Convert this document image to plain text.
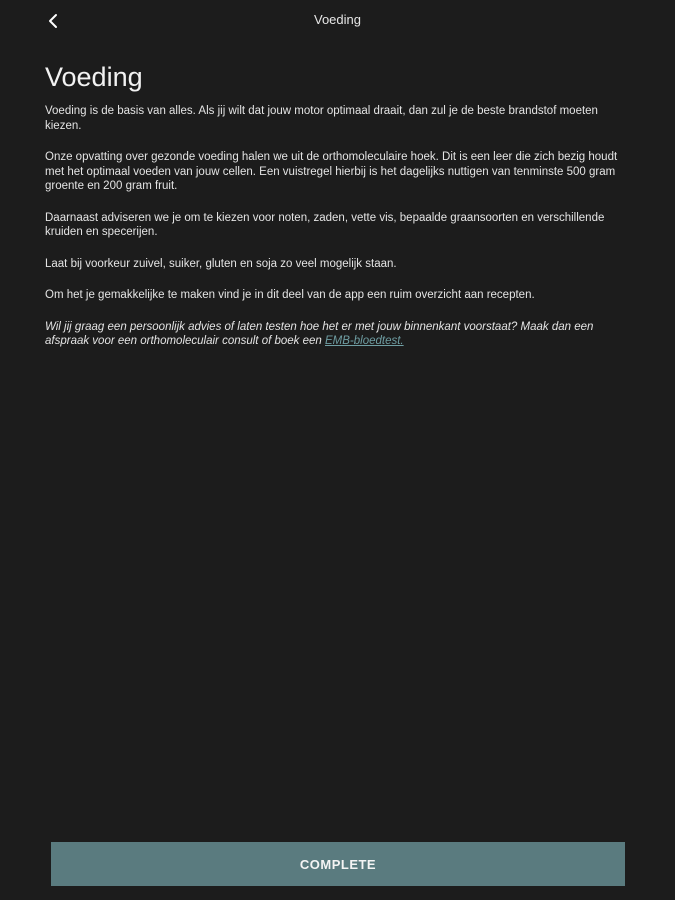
Voeding
Voeding

Voeding is de basis van alles. Als jij wilt dat jouw motor optimaal draait, dan zul je de beste brandstof moeten kiezen.

Onze opvatting over gezonde voeding halen we uit de orthomoleculaire hoek. Dit is een leer die zich bezig houdt met het optimaal voeden van jouw cellen. Een vuistregel hierbij is het dagelijks nuttigen van tenminste 500 gram groente en 200 gram fruit.

Daarnaast adviseren we je om te kiezen voor noten, zaden, vette vis, bepaalde graansoorten en verschillende kruiden en specerijen.

Laat bij voorkeur zuivel, suiker, gluten en soja zo veel mogelijk staan.

Om het je gemakkelijke te maken vind je in dit deel van de app een ruim overzicht aan recepten.

Wil jij graag een persoonlijk advies of laten testen hoe het er met jouw binnenkant voorstaat? Maak dan een afspraak voor een orthomoleculair consult of boek een EMB-bloedtest.

COMPLETE
